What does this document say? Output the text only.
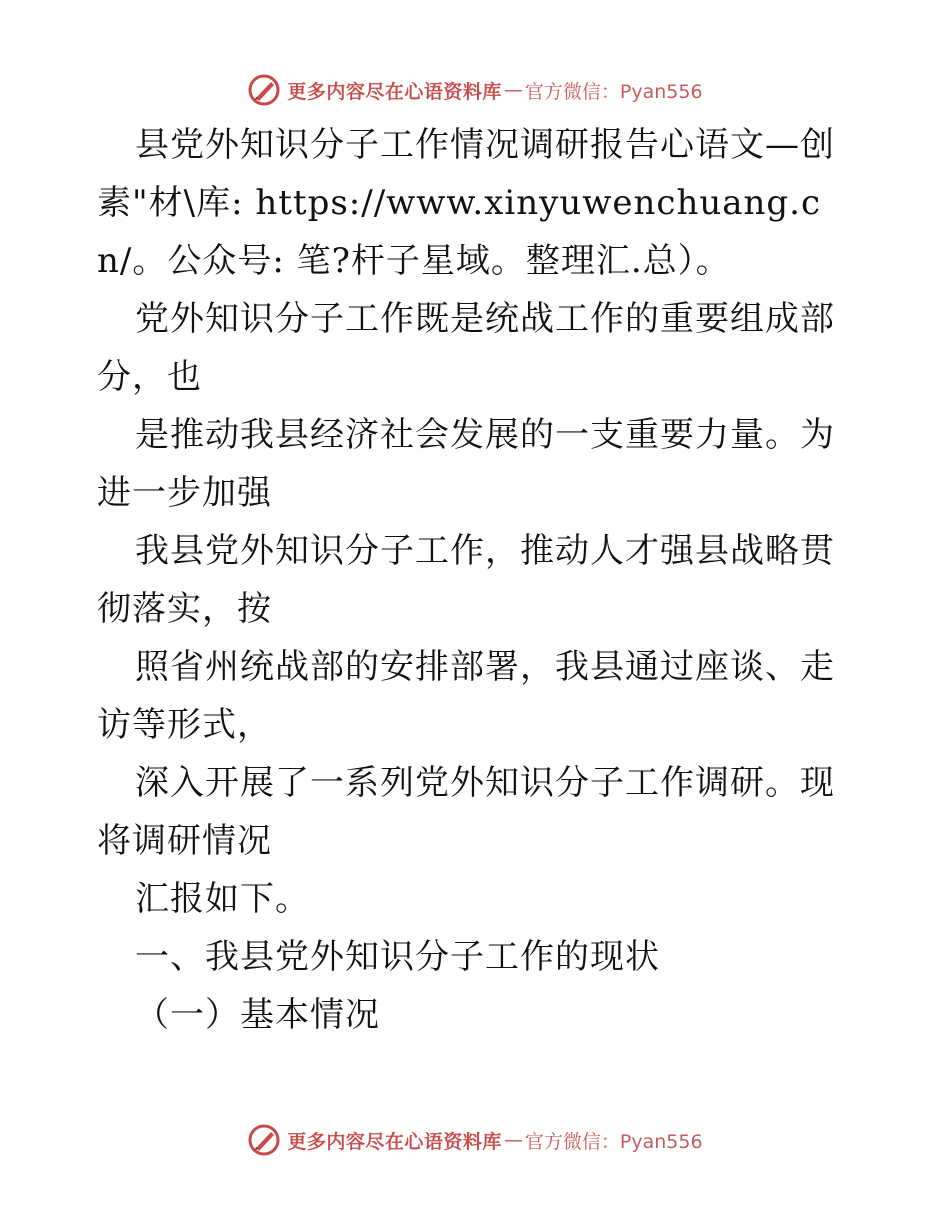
更多内容尽在心语资料库 — 官方微信：Pyan556

县党外知识分子工作情况调研报告心语文—创素"材\库: https://www.xinyuwenchuang.cn/。公众号: 笔?杆子星域。整理汇.总）。

党外知识分子工作既是统战工作的重要组成部分，也

是推动我县经济社会发展的一支重要力量。为进一步加强

我县党外知识分子工作，推动人才强县战略贯彻落实，按

照省州统战部的安排部署，我县通过座谈、走访等形式，

深入开展了一系列党外知识分子工作调研。现将调研情况

汇报如下。

一、我县党外知识分子工作的现状

（一）基本情况

更多内容尽在心语资料库 — 官方微信：Pyan556
